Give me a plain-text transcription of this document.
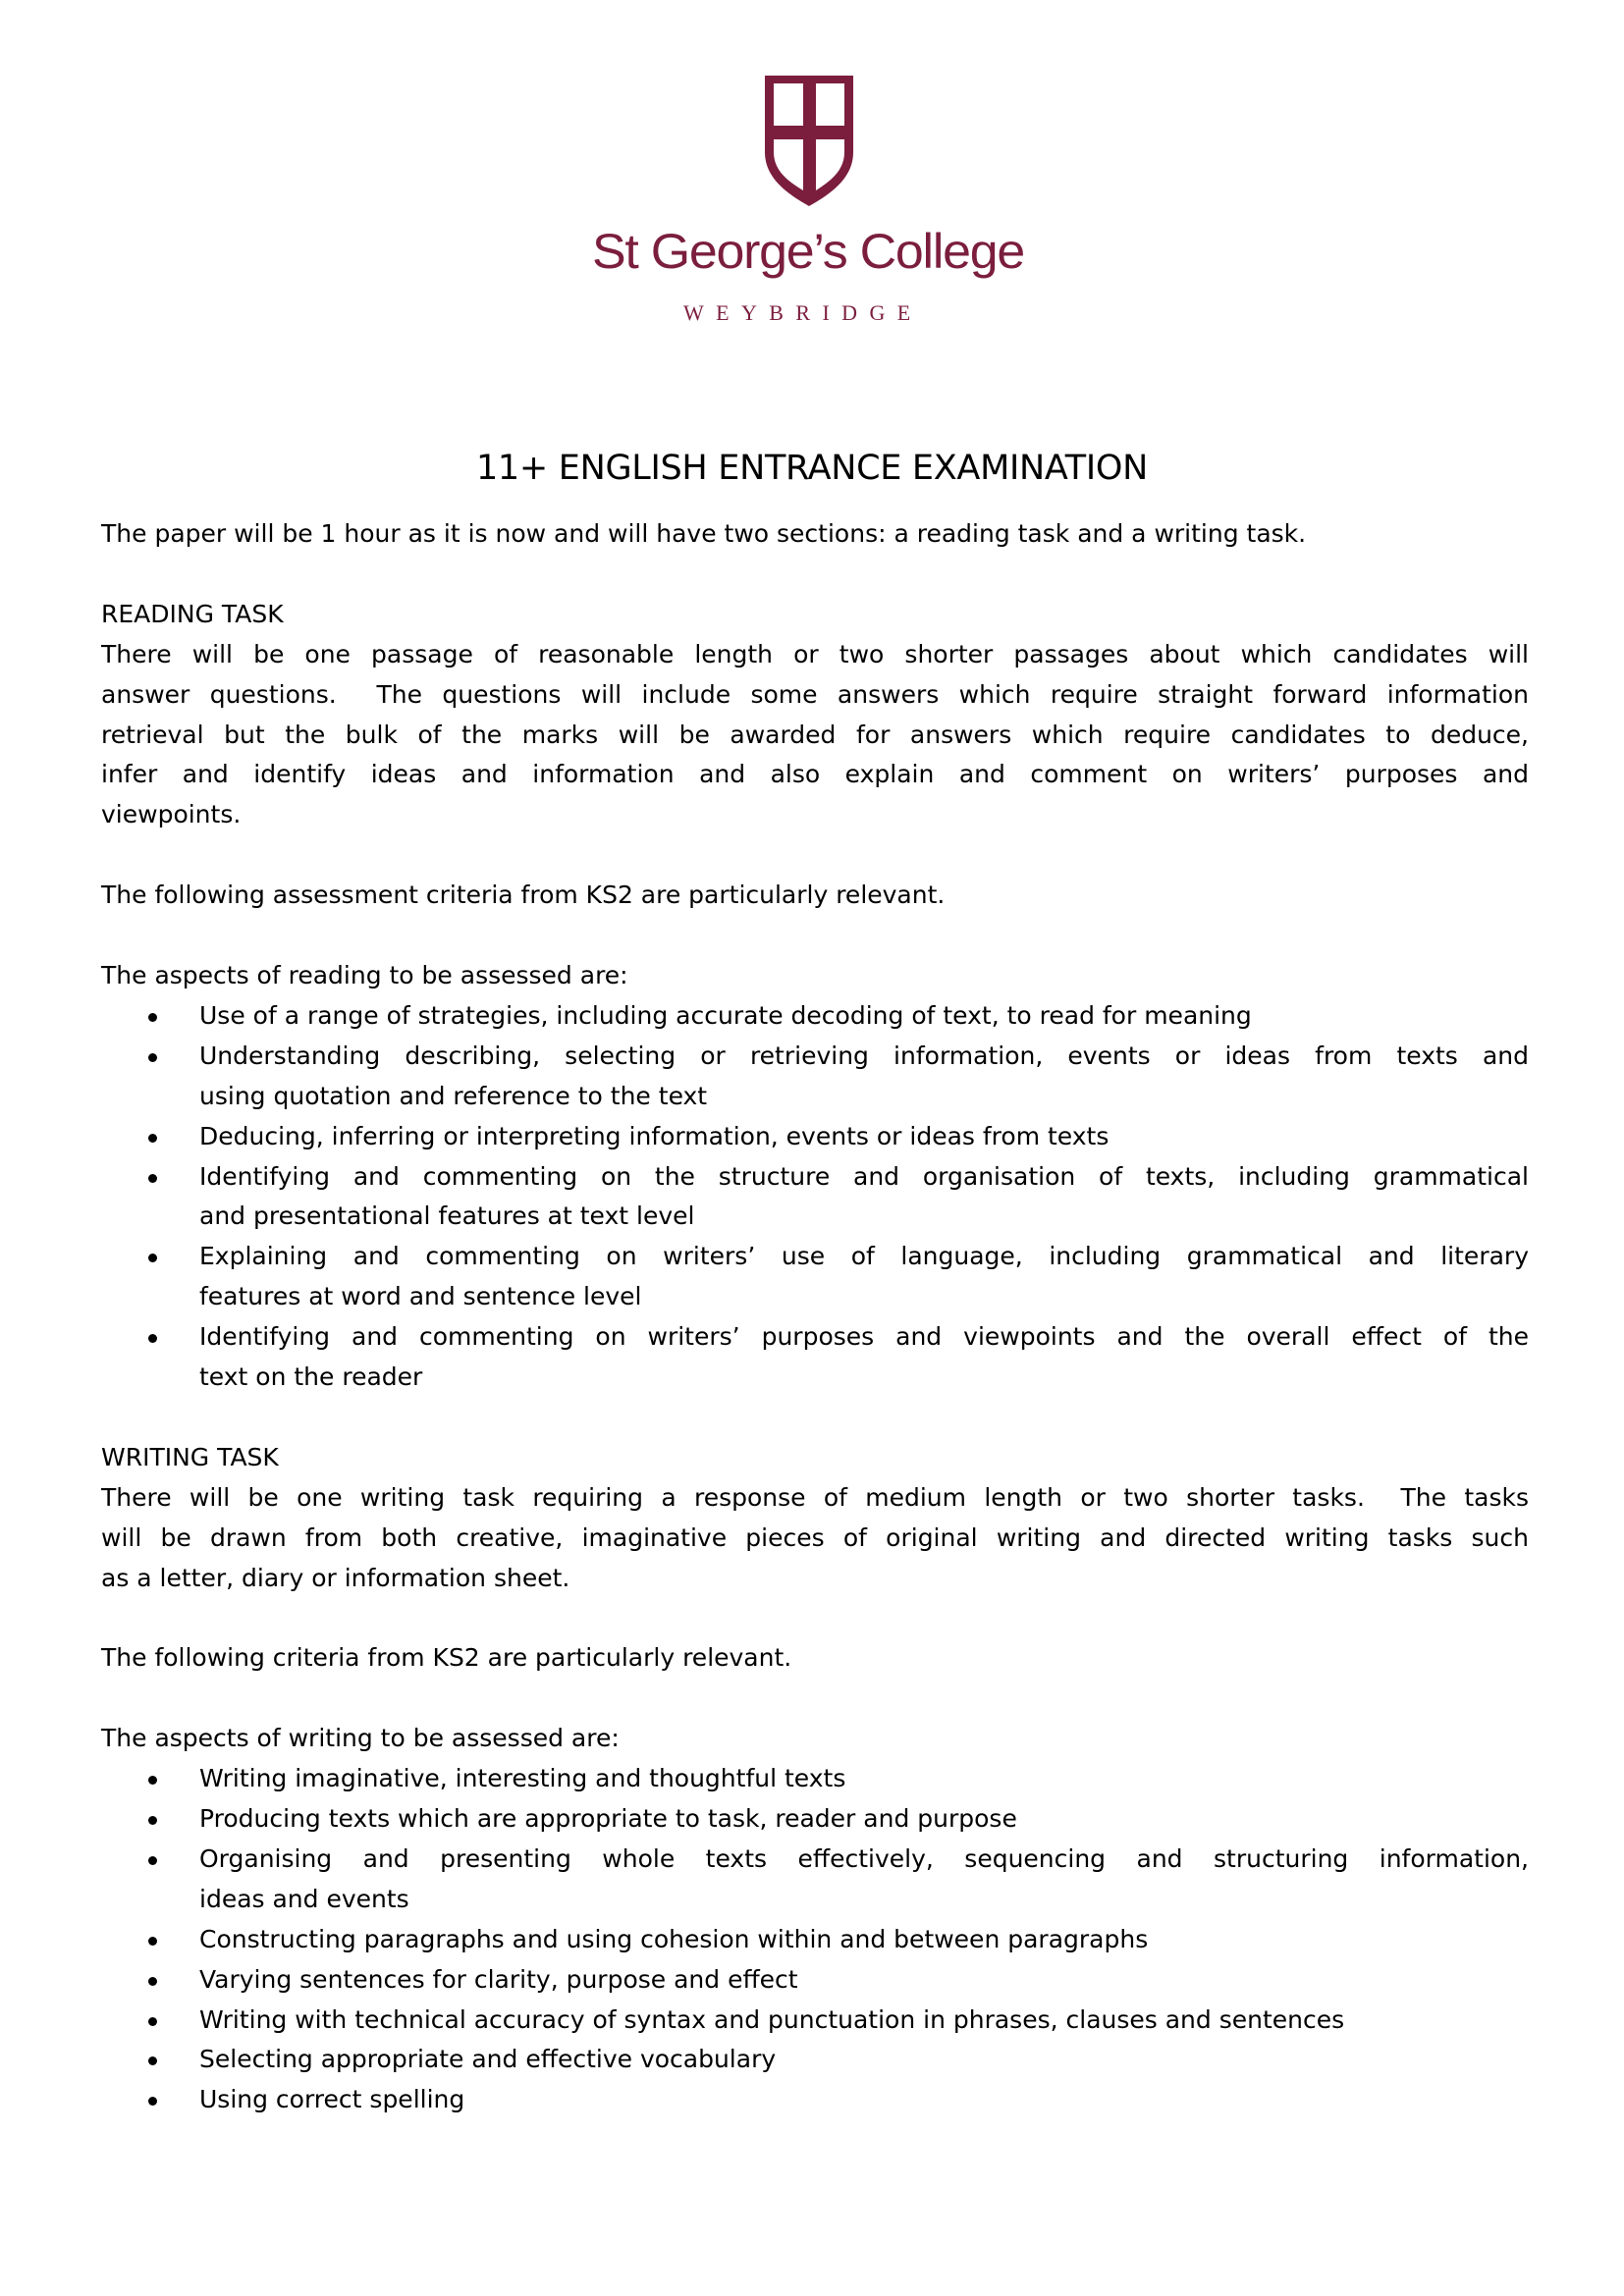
St George’s College
WEYBRIDGE
11+ ENGLISH ENTRANCE EXAMINATION
The paper will be 1 hour as it is now and will have two sections: a reading task and a writing task.
READING TASK
There will be one passage of reasonable length or two shorter passages about which candidates will
answer questions.  The questions will include some answers which require straight forward information
retrieval but the bulk of the marks will be awarded for answers which require candidates to deduce,
infer and identify ideas and information and also explain and comment on writers’ purposes and
viewpoints.
The following assessment criteria from KS2 are particularly relevant.
The aspects of reading to be assessed are:
Use of a range of strategies, including accurate decoding of text, to read for meaning
Understanding describing, selecting or retrieving information, events or ideas from texts and
using quotation and reference to the text
Deducing, inferring or interpreting information, events or ideas from texts
Identifying and commenting on the structure and organisation of texts, including grammatical
and presentational features at text level
Explaining and commenting on writers’ use of language, including grammatical and literary
features at word and sentence level
Identifying and commenting on writers’ purposes and viewpoints and the overall effect of the
text on the reader
WRITING TASK
There will be one writing task requiring a response of medium length or two shorter tasks.  The tasks
will be drawn from both creative, imaginative pieces of original writing and directed writing tasks such
as a letter, diary or information sheet.
The following criteria from KS2 are particularly relevant.
The aspects of writing to be assessed are:
Writing imaginative, interesting and thoughtful texts
Producing texts which are appropriate to task, reader and purpose
Organising and presenting whole texts effectively, sequencing and structuring information,
ideas and events
Constructing paragraphs and using cohesion within and between paragraphs
Varying sentences for clarity, purpose and effect
Writing with technical accuracy of syntax and punctuation in phrases, clauses and sentences
Selecting appropriate and effective vocabulary
Using correct spelling
